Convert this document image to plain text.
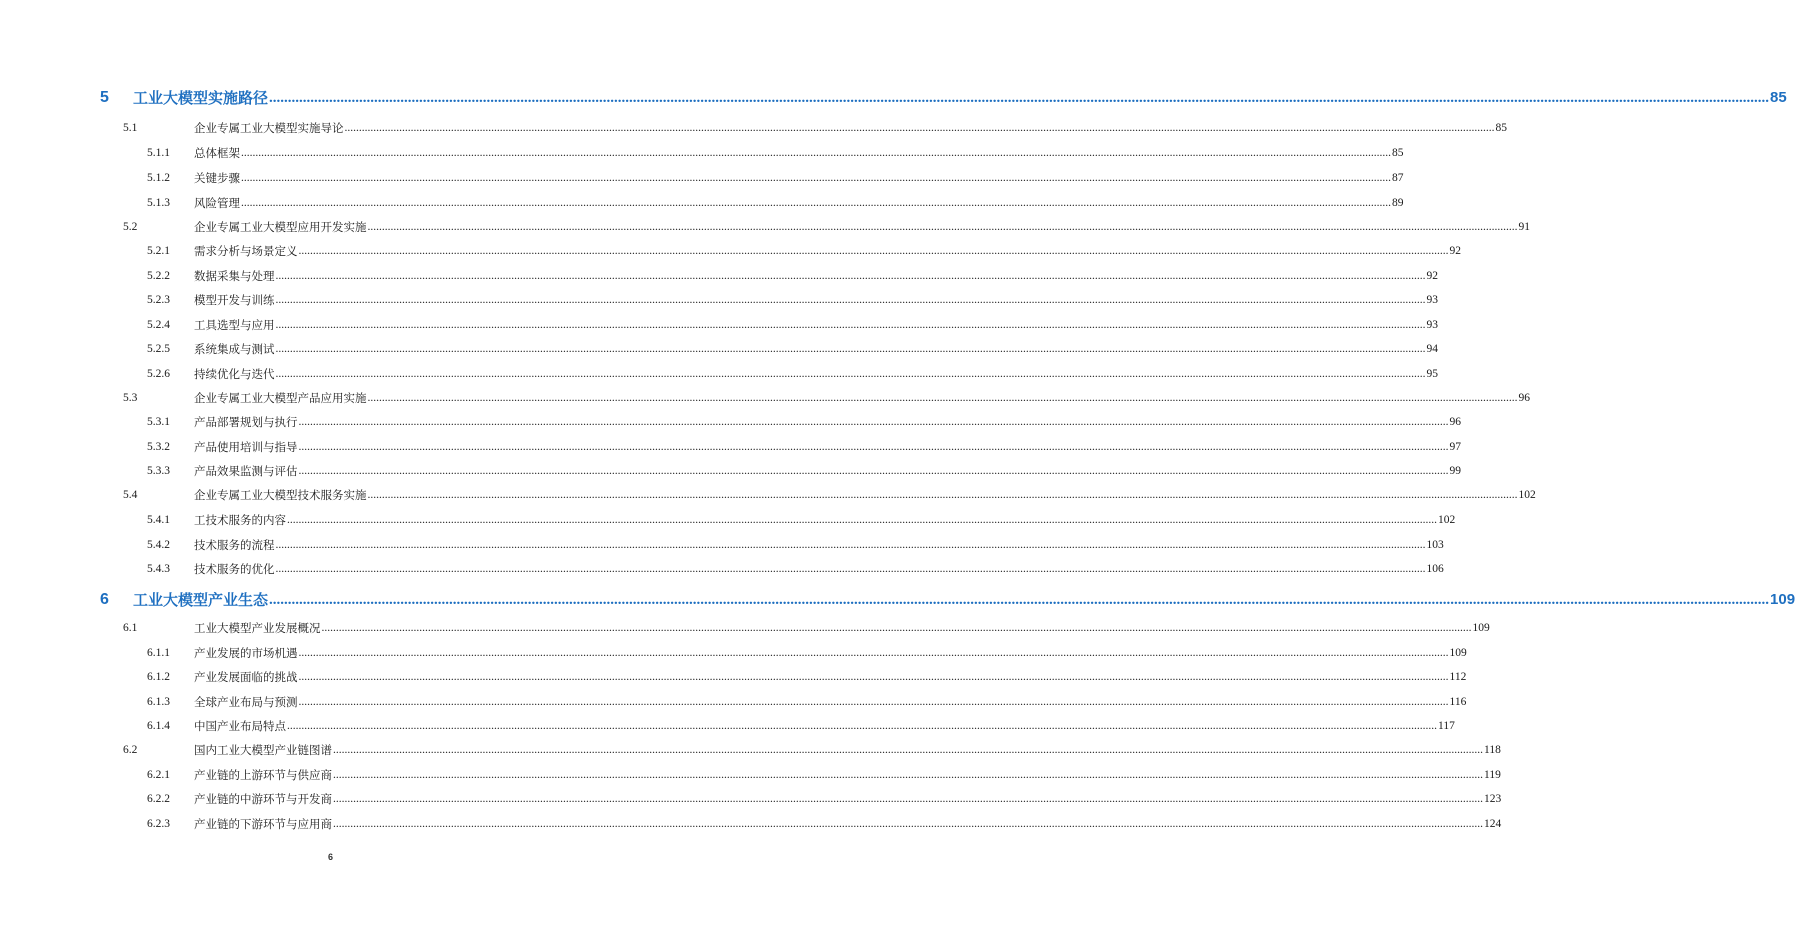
5 工业大模型实施路径 ................................................................................................................................................................................................................................................................................................................................................................................................................ 85
5.1	企业专属工业大模型实施导论 ................................................................................................................................................................................................................................................................................................................................................................................................................ 85
5.1.1 总体框架 ................................................................................................................................................................................................................................................................................................................................................................................................................ 85
5.1.2 关键步骤 ................................................................................................................................................................................................................................................................................................................................................................................................................ 87
5.1.3 风险管理 ................................................................................................................................................................................................................................................................................................................................................................................................................ 89
5.2	企业专属工业大模型应用开发实施 ................................................................................................................................................................................................................................................................................................................................................................................................................ 91
5.2.1 需求分析与场景定义 ................................................................................................................................................................................................................................................................................................................................................................................................................ 92
5.2.2 数据采集与处理 ................................................................................................................................................................................................................................................................................................................................................................................................................ 92
5.2.3 模型开发与训练 ................................................................................................................................................................................................................................................................................................................................................................................................................ 93
5.2.4 工具选型与应用 ................................................................................................................................................................................................................................................................................................................................................................................................................ 93
5.2.5 系统集成与测试 ................................................................................................................................................................................................................................................................................................................................................................................................................ 94
5.2.6 持续优化与迭代 ................................................................................................................................................................................................................................................................................................................................................................................................................ 95
5.3	企业专属工业大模型产品应用实施 ................................................................................................................................................................................................................................................................................................................................................................................................................ 96
5.3.1 产品部署规划与执行 ................................................................................................................................................................................................................................................................................................................................................................................................................ 96
5.3.2 产品使用培训与指导 ................................................................................................................................................................................................................................................................................................................................................................................................................ 97
5.3.3 产品效果监测与评估 ................................................................................................................................................................................................................................................................................................................................................................................................................ 99
5.4	企业专属工业大模型技术服务实施 ................................................................................................................................................................................................................................................................................................................................................................................................................ 102
5.4.1 工技术服务的内容 ................................................................................................................................................................................................................................................................................................................................................................................................................ 102
5.4.2 技术服务的流程 ................................................................................................................................................................................................................................................................................................................................................................................................................ 103
5.4.3 技术服务的优化 ................................................................................................................................................................................................................................................................................................................................................................................................................ 106
6 工业大模型产业生态 ................................................................................................................................................................................................................................................................................................................................................................................................................ 109
6.1	工业大模型产业发展概况 ................................................................................................................................................................................................................................................................................................................................................................................................................ 109
6.1.1 产业发展的市场机遇 ................................................................................................................................................................................................................................................................................................................................................................................................................ 109
6.1.2 产业发展面临的挑战 ................................................................................................................................................................................................................................................................................................................................................................................................................ 112
6.1.3 全球产业布局与预测 ................................................................................................................................................................................................................................................................................................................................................................................................................ 116
6.1.4 中国产业布局特点 ................................................................................................................................................................................................................................................................................................................................................................................................................ 117
6.2	国内工业大模型产业链图谱 ................................................................................................................................................................................................................................................................................................................................................................................................................ 118
6.2.1 产业链的上游环节与供应商 ................................................................................................................................................................................................................................................................................................................................................................................................................ 119
6.2.2 产业链的中游环节与开发商 ................................................................................................................................................................................................................................................................................................................................................................................................................ 123
6.2.3 产业链的下游环节与应用商 ................................................................................................................................................................................................................................................................................................................................................................................................................ 124
6
